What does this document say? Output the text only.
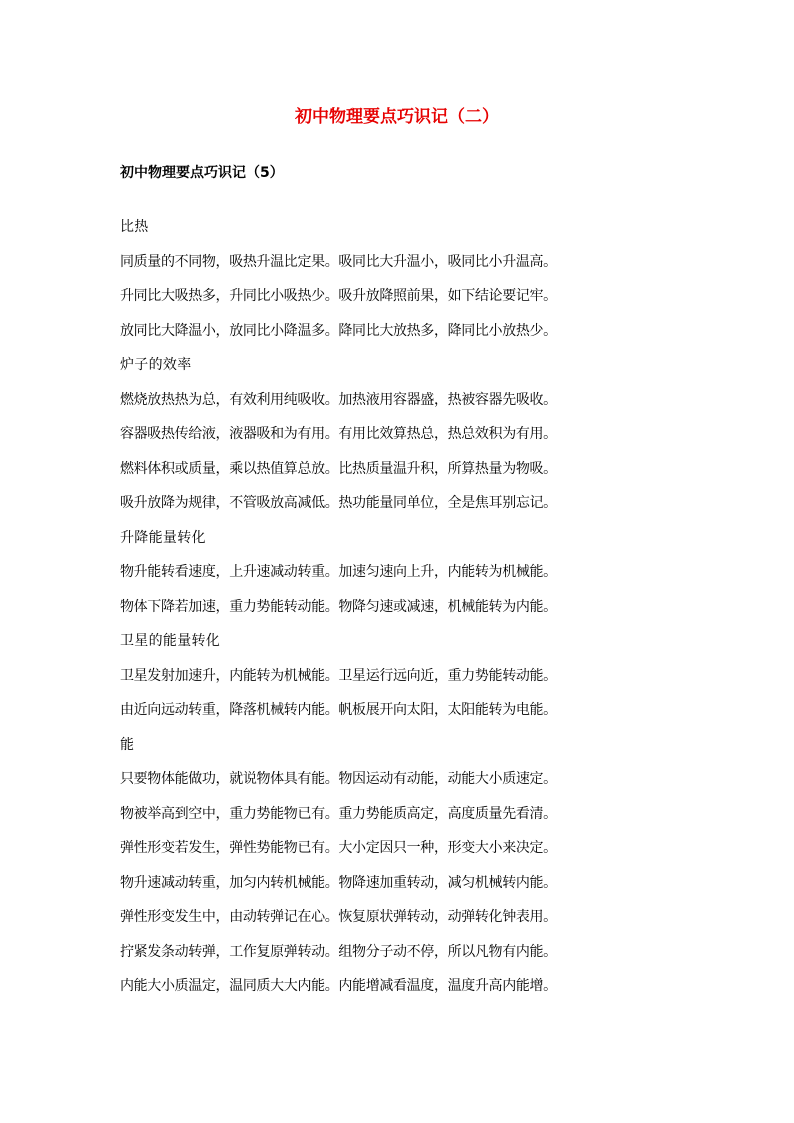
初中物理要点巧识记（二）
初中物理要点巧识记（5）

比热

同质量的不同物，吸热升温比定果。吸同比大升温小，吸同比小升温高。

升同比大吸热多，升同比小吸热少。吸升放降照前果，如下结论要记牢。

放同比大降温小，放同比小降温多。降同比大放热多，降同比小放热少。

炉子的效率

燃烧放热热为总，有效利用纯吸收。加热液用容器盛，热被容器先吸收。

容器吸热传给液，液器吸和为有用。有用比效算热总，热总效积为有用。

燃料体积或质量，乘以热值算总放。比热质量温升积，所算热量为物吸。

吸升放降为规律，不管吸放高减低。热功能量同单位，全是焦耳别忘记。

升降能量转化

物升能转看速度，上升速减动转重。加速匀速向上升，内能转为机械能。

物体下降若加速，重力势能转动能。物降匀速或减速，机械能转为内能。

卫星的能量转化

卫星发射加速升，内能转为机械能。卫星运行远向近，重力势能转动能。

由近向远动转重，降落机械转内能。帆板展开向太阳，太阳能转为电能。

能

只要物体能做功，就说物体具有能。物因运动有动能，动能大小质速定。

物被举高到空中，重力势能物已有。重力势能质高定，高度质量先看清。

弹性形变若发生，弹性势能物已有。大小定因只一种，形变大小来决定。

物升速减动转重，加匀内转机械能。物降速加重转动，减匀机械转内能。

弹性形变发生中，由动转弹记在心。恢复原状弹转动，动弹转化钟表用。

拧紧发条动转弹，工作复原弹转动。组物分子动不停，所以凡物有内能。

内能大小质温定，温同质大大内能。内能增减看温度，温度升高内能增。
